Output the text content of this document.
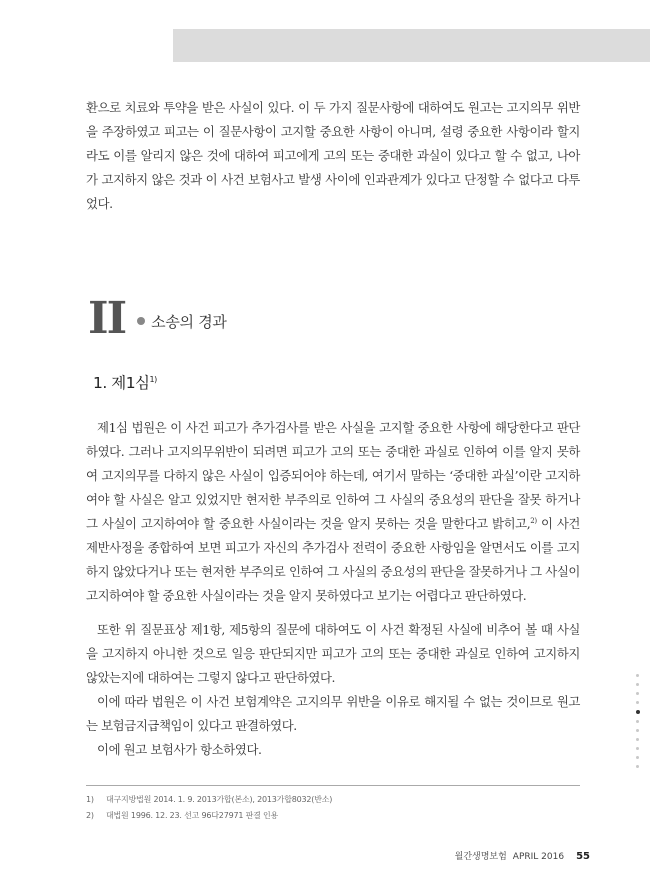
환으로 치료와 투약을 받은 사실이 있다. 이 두 가지 질문사항에 대하여도 원고는 고지의무 위반을 주장하였고 피고는 이 질문사항이 고지할 중요한 사항이 아니며, 설령 중요한 사항이라 할지라도 이를 알리지 않은 것에 대하여 피고에게 고의 또는 중대한 과실이 있다고 할 수 없고, 나아가 고지하지 않은 것과 이 사건 보험사고 발생 사이에 인과관계가 있다고 단정할 수 없다고 다투었다.

II 소송의 경과
1. 제1심$^{1)}$

제1심 법원은 이 사건 피고가 추가검사를 받은 사실을 고지할 중요한 사항에 해당한다고 판단하였다. 그러나 고지의무위반이 되려면 피고가 고의 또는 중대한 과실로 인하여 이를 알지 못하여 고지의무를 다하지 않은 사실이 입증되어야 하는데, 여기서 말하는 ‘중대한 과실’이란 고지하여야 할 사실은 알고 있었지만 현저한 부주의로 인하여 그 사실의 중요성의 판단을 잘못 하거나 그 사실이 고지하여야 할 중요한 사실이라는 것을 알지 못하는 것을 말한다고 밝히고,$^{2)}$ 이 사건 제반사정을 종합하여 보면 피고가 자신의 추가검사 전력이 중요한 사항임을 알면서도 이를 고지하지 않았다거나 또는 현저한 부주의로 인하여 그 사실의 중요성의 판단을 잘못하거나 그 사실이 고지하여야 할 중요한 사실이라는 것을 알지 못하였다고 보기는 어렵다고 판단하였다.

또한 위 질문표상 제1항, 제5항의 질문에 대하여도 이 사건 확정된 사실에 비추어 볼 때 사실을 고지하지 아니한 것으로 일응 판단되지만 피고가 고의 또는 중대한 과실로 인하여 고지하지 않았는지에 대하여는 그렇지 않다고 판단하였다.

이에 따라 법원은 이 사건 보험계약은 고지의무 위반을 이유로 해지될 수 없는 것이므로 원고는 보험금지급책임이 있다고 판결하였다.

이에 원고 보험사가 항소하였다.

1) 대구지방법원 2014. 1. 9. 2013가합(본소), 2013가합8032(반소)
2) 대법원 1996. 12. 23. 선고 96다27971 판결 인용
월간생명보험 APRIL 2016 55
